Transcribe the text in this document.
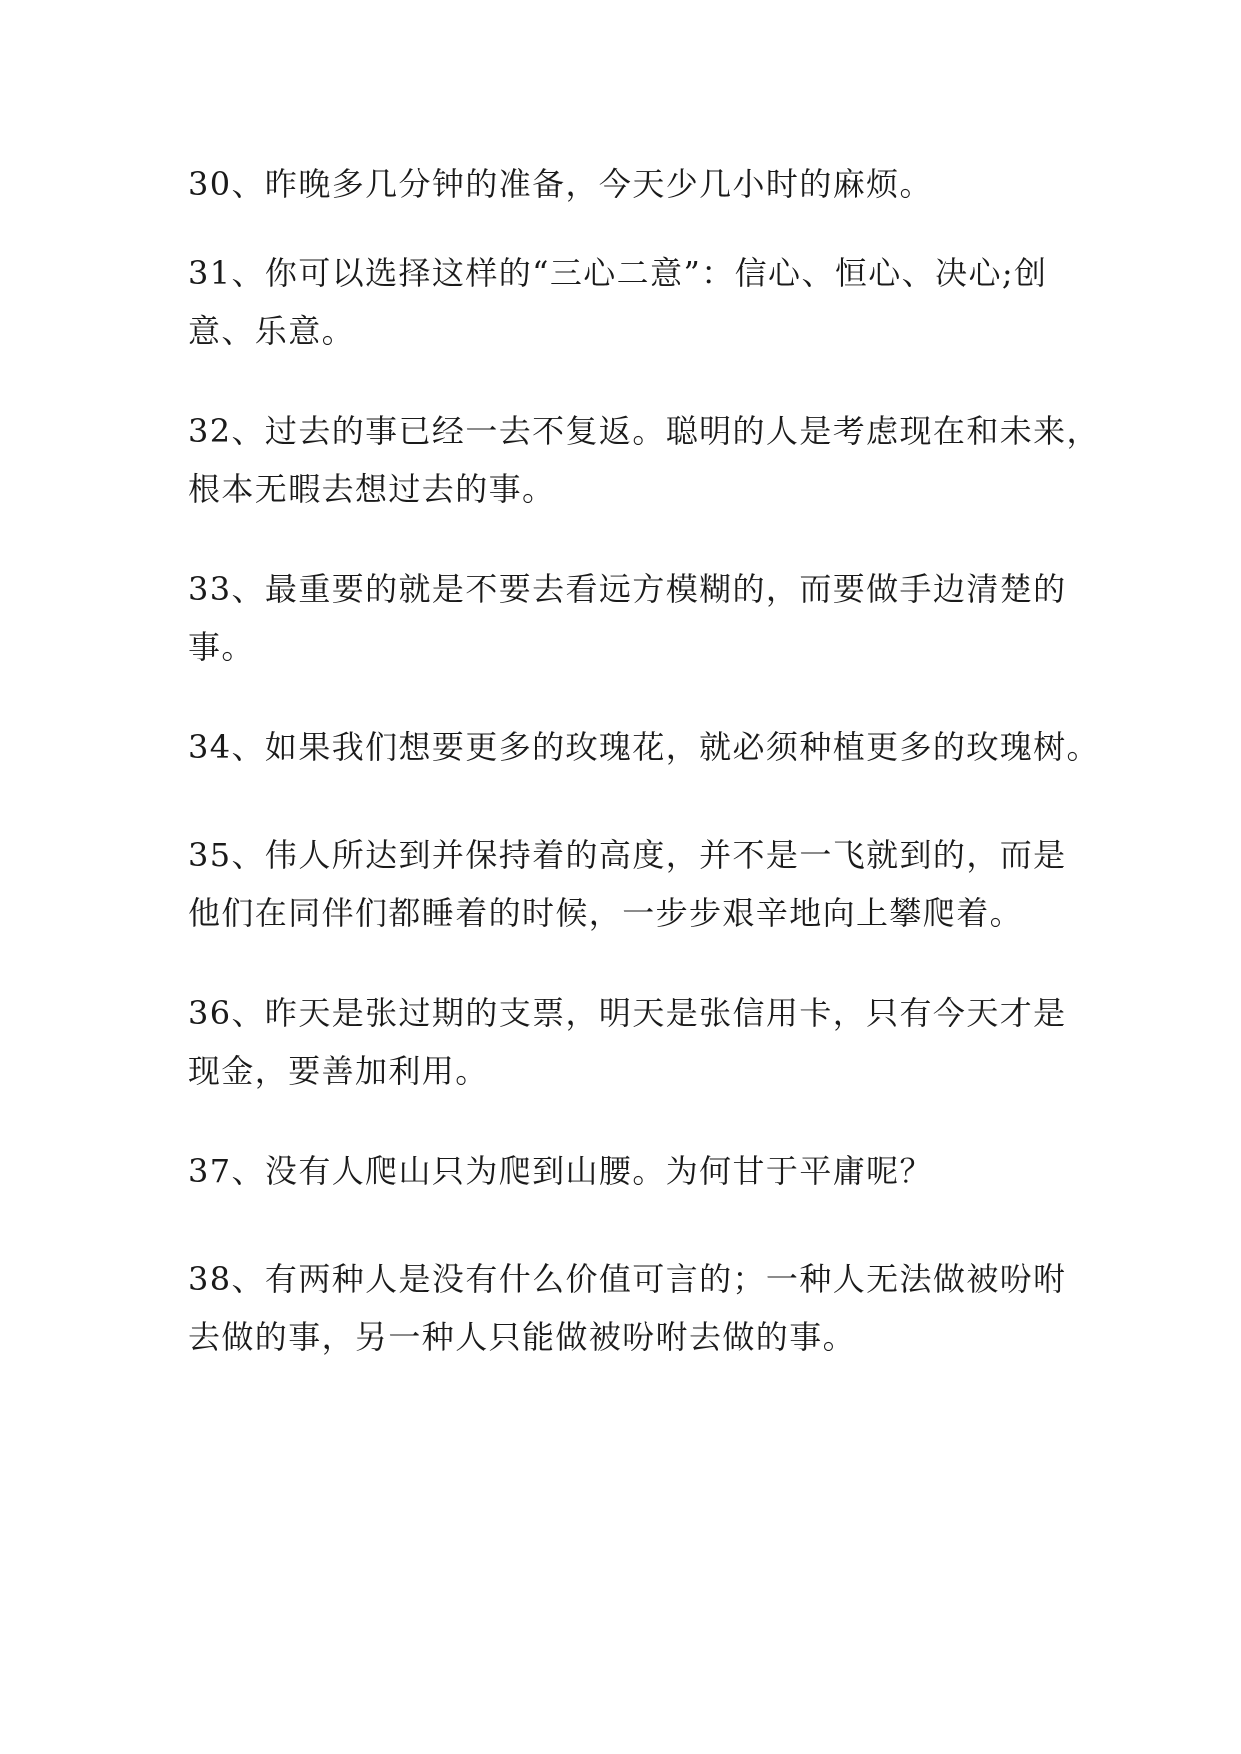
30、昨晚多几分钟的准备，今天少几小时的麻烦。

31、你可以选择这样的“三心二意”：信心、恒心、决心;创

意、乐意。

32、过去的事已经一去不复返。聪明的人是考虑现在和未来，

根本无暇去想过去的事。

33、最重要的就是不要去看远方模糊的，而要做手边清楚的

事。

34、如果我们想要更多的玫瑰花，就必须种植更多的玫瑰树。

35、伟人所达到并保持着的高度，并不是一飞就到的，而是

他们在同伴们都睡着的时候，一步步艰辛地向上攀爬着。

36、昨天是张过期的支票，明天是张信用卡，只有今天才是

现金，要善加利用。

37、没有人爬山只为爬到山腰。为何甘于平庸呢？

38、有两种人是没有什么价值可言的；一种人无法做被吩咐

去做的事，另一种人只能做被吩咐去做的事。
